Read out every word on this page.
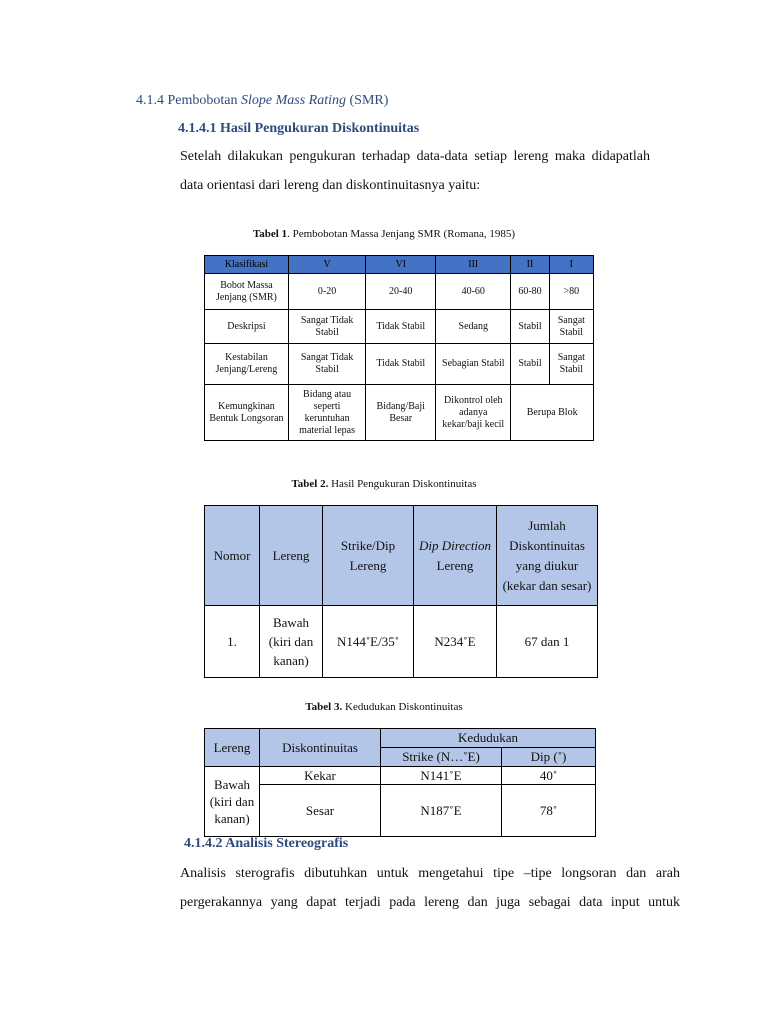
4.1.4 Pembobotan Slope Mass Rating (SMR)
4.1.4.1 Hasil Pengukuran Diskontinuitas
Setelah dilakukan pengukuran terhadap data-data setiap lereng maka didapatlah
data orientasi dari lereng dan diskontinuitasnya yaitu:
Tabel 1. Pembobotan Massa Jenjang SMR (Romana, 1985)
Klasifikasi	V	VI	III	II	I
Bobot Massa Jenjang (SMR)	0-20	20-40	40-60	60-80	>80
Deskripsi	Sangat Tidak Stabil	Tidak Stabil	Sedang	Stabil	Sangat Stabil
Kestabilan Jenjang/Lereng	Sangat Tidak Stabil	Tidak Stabil	Sebagian Stabil	Stabil	Sangat Stabil
Kemungkinan Bentuk Longsoran	Bidang atau seperti keruntuhan material lepas	Bidang/Baji Besar	Dikontrol oleh adanya kekar/baji kecil	Berupa Blok	
Tabel 2. Hasil Pengukuran Diskontinuitas
Nomor	Lereng	Strike/Dip Lereng	Dip Direction Lereng	Jumlah Diskontinuitas yang diukur (kekar dan sesar)
1.	Bawah (kiri dan kanan)	N144˚E/35˚	N234˚E	67 dan 1
Tabel 3. Kedudukan Diskontinuitas
Lereng	Diskontinuitas	Kedudukan	
		Strike (N…˚E)	Dip (˚)
Bawah (kiri dan kanan)	Kekar	N141˚E	40˚
	Sesar	N187˚E	78˚
4.1.4.2 Analisis Stereografis
Analisis sterografis dibutuhkan untuk mengetahui tipe –tipe longsoran dan arah
pergerakannya yang dapat terjadi pada lereng dan juga sebagai data input untuk
